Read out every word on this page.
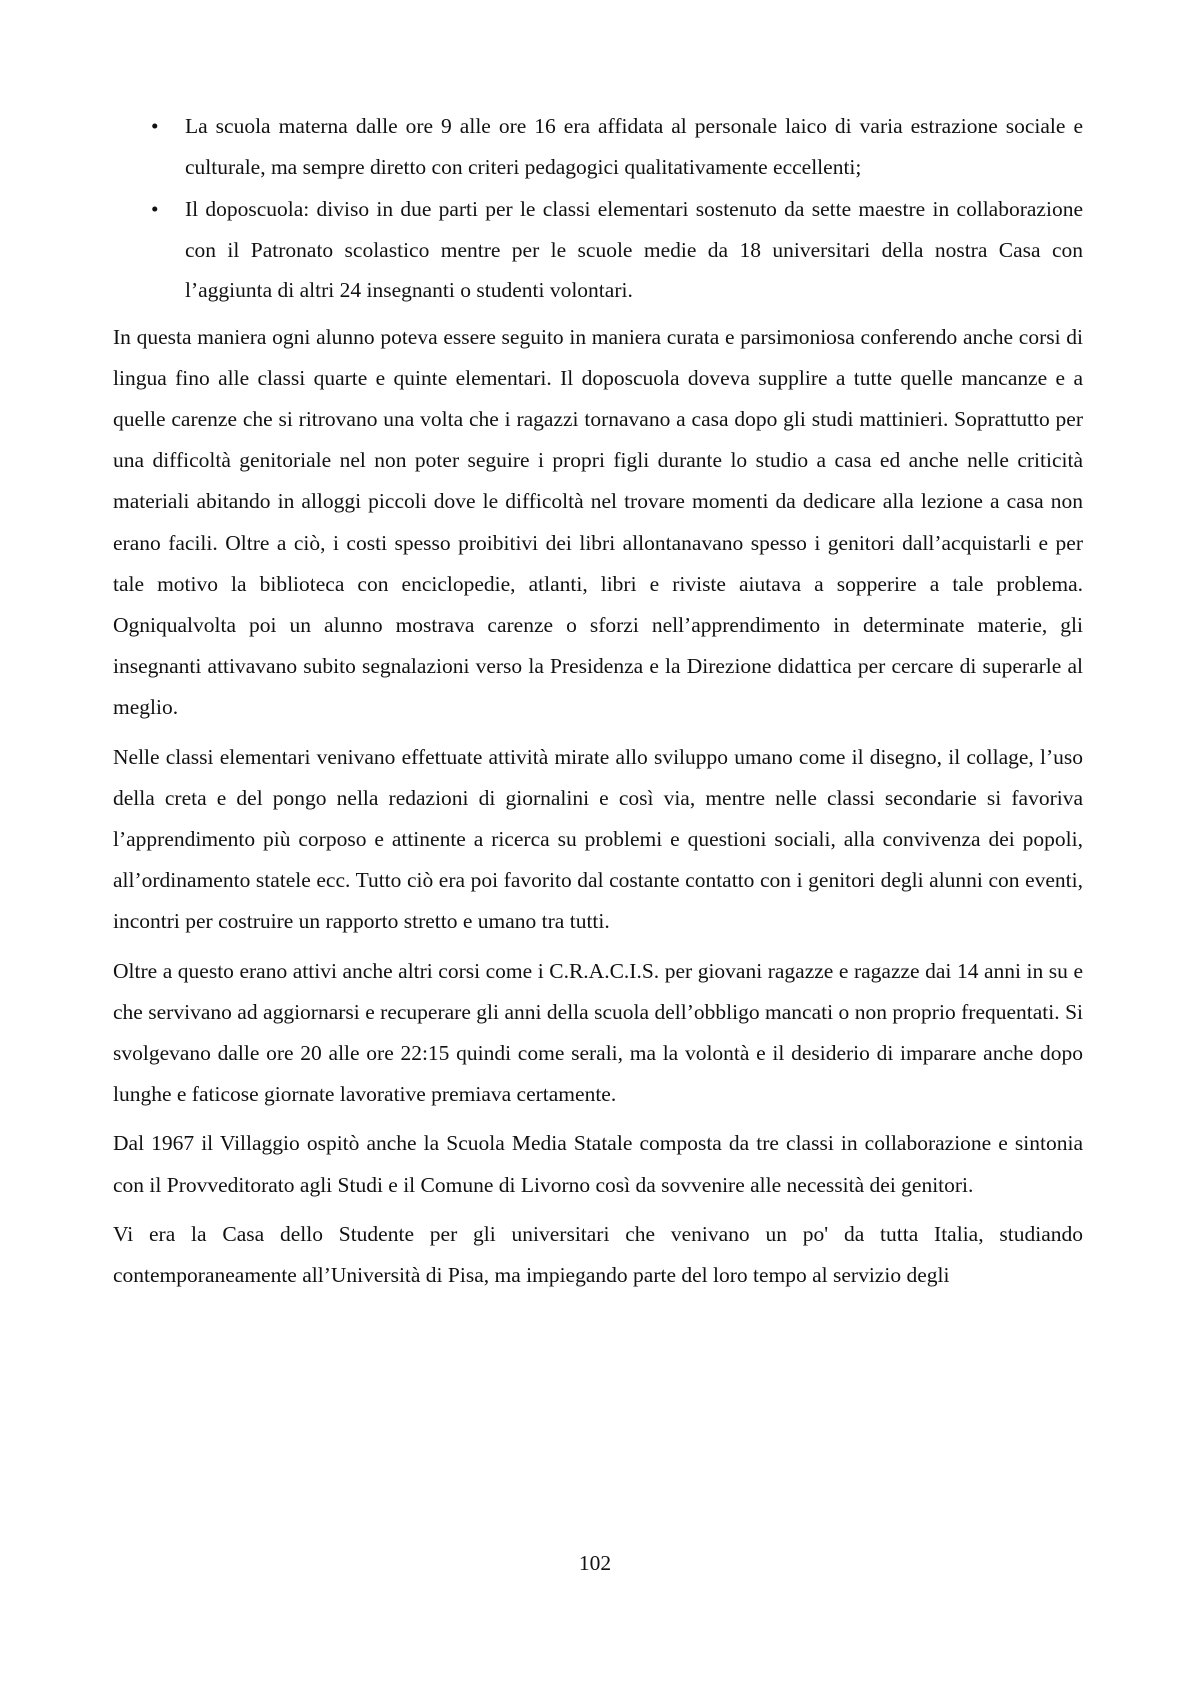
• La scuola materna dalle ore 9 alle ore 16 era affidata al personale laico di varia estrazione sociale e culturale, ma sempre diretto con criteri pedagogici qualitativamente eccellenti;
• Il doposcuola: diviso in due parti per le classi elementari sostenuto da sette maestre in collaborazione con il Patronato scolastico mentre per le scuole medie da 18 universitari della nostra Casa con l’aggiunta di altri 24 insegnanti o studenti volontari.

In questa maniera ogni alunno poteva essere seguito in maniera curata e parsimoniosa conferendo anche corsi di lingua fino alle classi quarte e quinte elementari. Il doposcuola doveva supplire a tutte quelle mancanze e a quelle carenze che si ritrovano una volta che i ragazzi tornavano a casa dopo gli studi mattinieri. Soprattutto per una difficoltà genitoriale nel non poter seguire i propri figli durante lo studio a casa ed anche nelle criticità materiali abitando in alloggi piccoli dove le difficoltà nel trovare momenti da dedicare alla lezione a casa non erano facili. Oltre a ciò, i costi spesso proibitivi dei libri allontanavano spesso i genitori dall’acquistarli e per tale motivo la biblioteca con enciclopedie, atlanti, libri e riviste aiutava a sopperire a tale problema. Ogniqualvolta poi un alunno mostrava carenze o sforzi nell’apprendimento in determinate materie, gli insegnanti attivavano subito segnalazioni verso la Presidenza e la Direzione didattica per cercare di superarle al meglio.

Nelle classi elementari venivano effettuate attività mirate allo sviluppo umano come il disegno, il collage, l’uso della creta e del pongo nella redazioni di giornalini e così via, mentre nelle classi secondarie si favoriva l’apprendimento più corposo e attinente a ricerca su problemi e questioni sociali, alla convivenza dei popoli, all’ordinamento statele ecc. Tutto ciò era poi favorito dal costante contatto con i genitori degli alunni con eventi, incontri per costruire un rapporto stretto e umano tra tutti.

Oltre a questo erano attivi anche altri corsi come i C.R.A.C.I.S. per giovani ragazze e ragazze dai 14 anni in su e che servivano ad aggiornarsi e recuperare gli anni della scuola dell’obbligo mancati o non proprio frequentati. Si svolgevano dalle ore 20 alle ore 22:15 quindi come serali, ma la volontà e il desiderio di imparare anche dopo lunghe e faticose giornate lavorative premiava certamente.

Dal 1967 il Villaggio ospitò anche la Scuola Media Statale composta da tre classi in collaborazione e sintonia con il Provveditorato agli Studi e il Comune di Livorno così da sovvenire alle necessità dei genitori.

Vi era la Casa dello Studente per gli universitari che venivano un po' da tutta Italia, studiando contemporaneamente all’Università di Pisa, ma impiegando parte del loro tempo al servizio degli

102
